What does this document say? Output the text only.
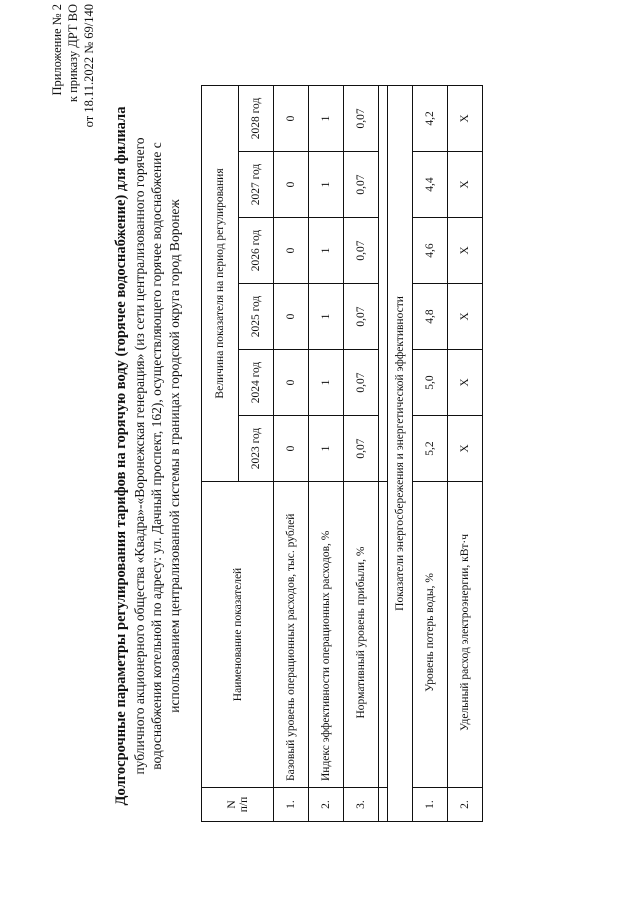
Приложение № 2 к приказу ДРТ ВО от 18.11.2022 № 69/140
Долгосрочные параметры регулирования тарифов на горячую воду (горячее водоснабжение) для филиала публичного акционерного общества «Квадра»-«Воронежская генерация» (из сети централизованного горячего водоснабжения котельной по адресу: ул. Дачный проспект, 162), осуществляющего горячее водоснабжение с использованием централизованной системы в границах городской округа город Воронеж
N
п/п	Наименование показателей	Величина показателя на период регулирования					
		2023 год	2024 год	2025 год	2026 год	2027 год	2028 год
1.	Базовый уровень операционных расходов, тыс. рублей	0	0	0	0	0	0
2.	Индекс эффективности операционных расходов, %	1	1	1	1	1	1
3.	Нормативный уровень прибыли, %	0,07	0,07	0,07	0,07	0,07	0,07

Показатели энергосбережения и энергетической эффективности							
1.	Уровень потерь воды, %	5,2	5,0	4,8	4,6	4,4	4,2
2.	Удельный расход электроэнергии, кВт·ч	Х	Х	Х	Х	Х	Х
